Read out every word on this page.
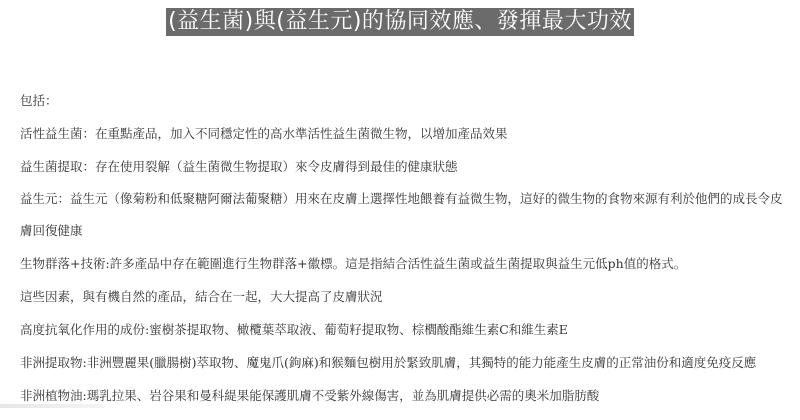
(益生菌)與(益生元)的協同效應、發揮最大功效
包括：
活性益生菌：在重點產品，加入不同穩定性的高水準活性益生菌微生物，以增加產品效果
益生菌提取：存在使用裂解（益生菌微生物提取）來令皮膚得到最佳的健康狀態
益生元：益生元（像菊粉和低聚糖阿爾法葡聚糖）用來在皮膚上選擇性地餵養有益微生物，這好的微生物的食物來源有利於他們的成長令皮膚回復健康
生物群落+技術:許多產品中存在範圍進行生物群落+徽標。這是指結合活性益生菌或益生菌提取與益生元低ph值的格式。
這些因素，與有機自然的產品，結合在一起，大大提高了皮膚狀況
高度抗氧化作用的成份:蜜樹茶提取物、橄欖葉萃取液、葡萄籽提取物、棕櫚酸酯維生素C和維生素E
非洲提取物:非洲豐麗果(臘腸樹)萃取物、魔鬼爪(鉤麻)和猴麵包樹用於緊致肌膚，其獨特的能力能產生皮膚的正常油份和適度免疫反應
非洲植物油:瑪乳拉果、岩谷果和曼科緹果能保護肌膚不受紫外線傷害，並為肌膚提供必需的奧米加脂肪酸
